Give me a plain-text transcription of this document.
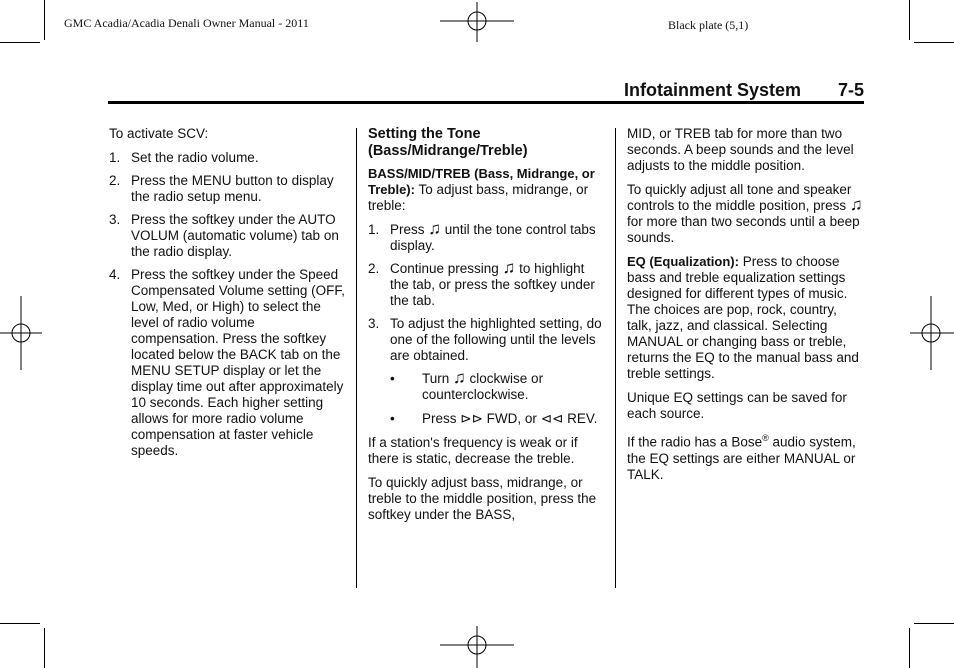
GMC Acadia/Acadia Denali Owner Manual - 2011	Black plate (5,1)
Infotainment System 7-5

To activate SCV:

1. Set the radio volume.
2. Press the MENU button to display the radio setup menu.
3. Press the softkey under the AUTO VOLUM (automatic volume) tab on the radio display.
4. Press the softkey under the Speed Compensated Volume setting (OFF, Low, Med, or High) to select the level of radio volume compensation. Press the softkey located below the BACK tab on the MENU SETUP display or let the display time out after approximately 10 seconds. Each higher setting allows for more radio volume compensation at faster vehicle speeds.
Setting the Tone (Bass/Midrange/Treble)

BASS/MID/TREB (Bass, Midrange, or Treble): To adjust bass, midrange, or treble:

1. Press ♫ until the tone control tabs display.
2. Continue pressing ♫ to highlight the tab, or press the softkey under the tab.
3. To adjust the highlighted setting, do one of the following until the levels are obtained.
•	Turn ♫ clockwise or counterclockwise.
•	Press ⊳⊳ FWD, or ⊲⊲ REV.

If a station's frequency is weak or if there is static, decrease the treble.

To quickly adjust bass, midrange, or treble to the middle position, press the softkey under the BASS,

MID, or TREB tab for more than two seconds. A beep sounds and the level adjusts to the middle position.

To quickly adjust all tone and speaker controls to the middle position, press ♫ for more than two seconds until a beep sounds.

EQ (Equalization): Press to choose bass and treble equalization settings designed for different types of music. The choices are pop, rock, country, talk, jazz, and classical. Selecting MANUAL or changing bass or treble, returns the EQ to the manual bass and treble settings.

Unique EQ settings can be saved for each source.

If the radio has a Bose® audio system, the EQ settings are either MANUAL or TALK.
